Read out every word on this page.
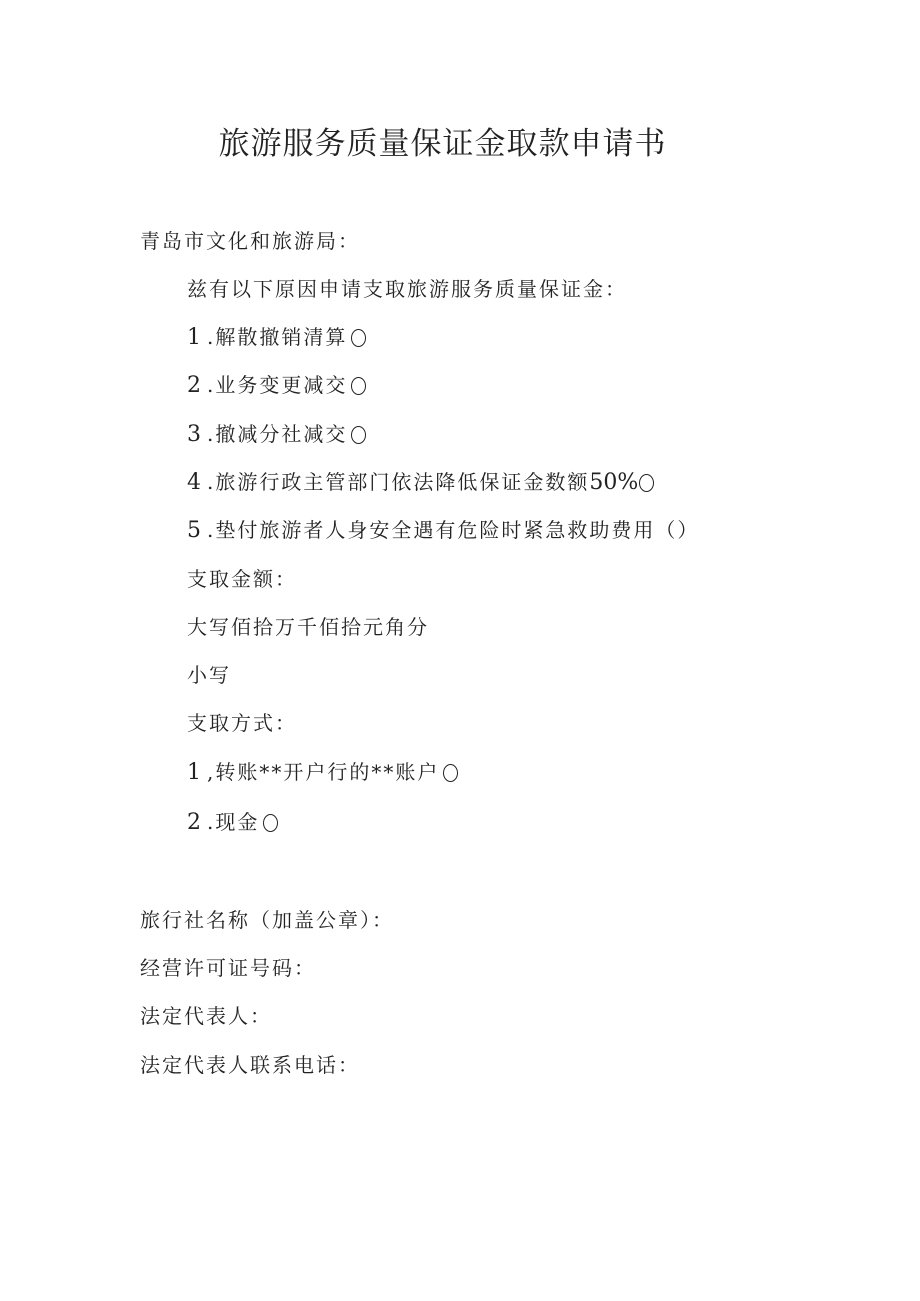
旅游服务质量保证金取款申请书
青岛市文化和旅游局：
兹有以下原因申请支取旅游服务质量保证金：
1 .解散撤销清算
2 .业务变更减交
3 .撤减分社减交
4 .旅游行政主管部门依法降低保证金数额50%
5 .垫付旅游者人身安全遇有危险时紧急救助费用（）
支取金额：
大写佰拾万千佰拾元角分
小写
支取方式：
1 ,转账**开户行的**账户
2 .现金
旅行社名称（加盖公章）：
经营许可证号码：
法定代表人：
法定代表人联系电话：
